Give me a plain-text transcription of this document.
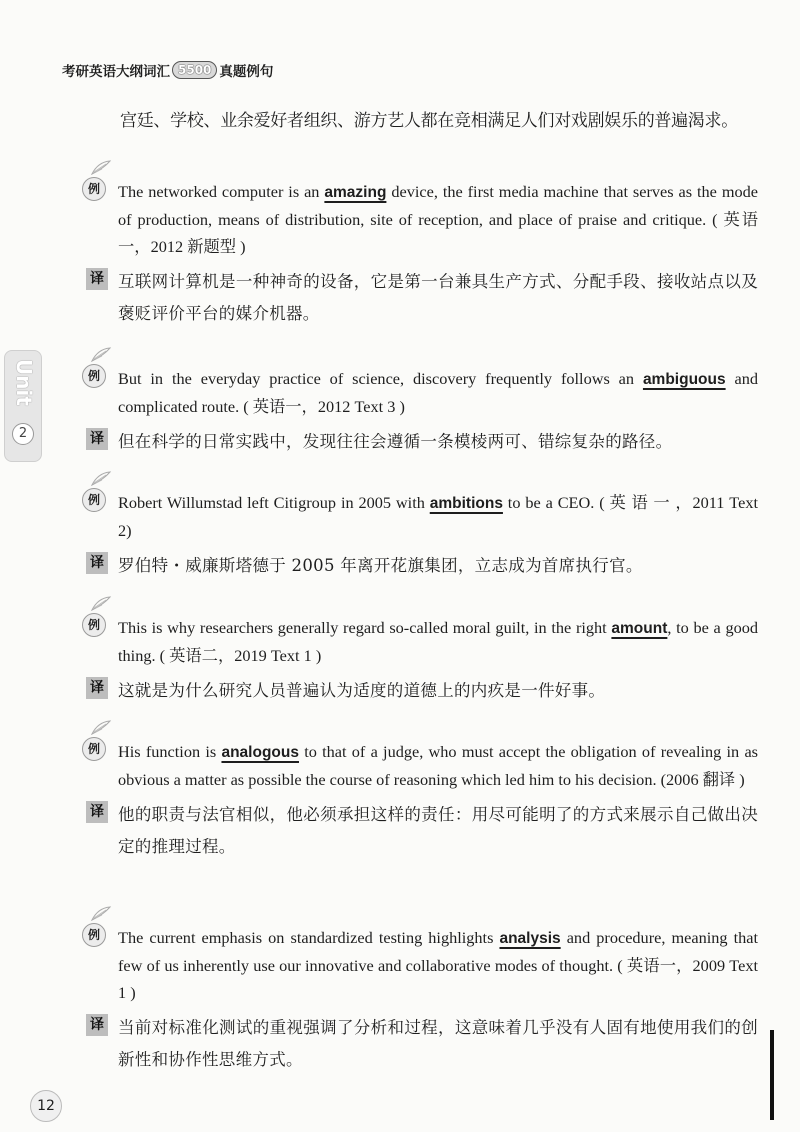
考研英语大纲词汇 5500 真题例句
宫廷、学校、业余爱好者组织、游方艺人都在竞相满足人们对戏剧娱乐的普遍渴求。
Unit
2
例	The networked computer is an amazing device, the first media machine that serves as the mode of production, means of distribution, site of reception, and place of praise and critique. ( 英语一，2012 新题型 )
译 互联网计算机是一种神奇的设备，它是第一台兼具生产方式、分配手段、接收站点以及褒贬评价平台的媒介机器。
例	But in the everyday practice of science, discovery frequently follows an ambiguous and complicated route. ( 英语一，2012 Text 3 )
译 但在科学的日常实践中，发现往往会遵循一条模棱两可、错综复杂的路径。
例	Robert Willumstad left Citigroup in 2005 with ambitions to be a CEO. ( 英 语 一 ，2011 Text 2)
译 罗伯特・威廉斯塔德于 2005 年离开花旗集团，立志成为首席执行官。
例	This is why researchers generally regard so-called moral guilt, in the right amount, to be a good thing. ( 英语二，2019 Text 1 )
译 这就是为什么研究人员普遍认为适度的道德上的内疚是一件好事。
例	His function is analogous to that of a judge, who must accept the obligation of revealing in as obvious a matter as possible the course of reasoning which led him to his decision. (2006 翻译 )
译 他的职责与法官相似，他必须承担这样的责任：用尽可能明了的方式来展示自己做出决定的推理过程。
例	The current emphasis on standardized testing highlights analysis and procedure, meaning that few of us inherently use our innovative and collaborative modes of thought. ( 英语一，2009 Text 1 )
译 当前对标准化测试的重视强调了分析和过程，这意味着几乎没有人固有地使用我们的创新性和协作性思维方式。
12
